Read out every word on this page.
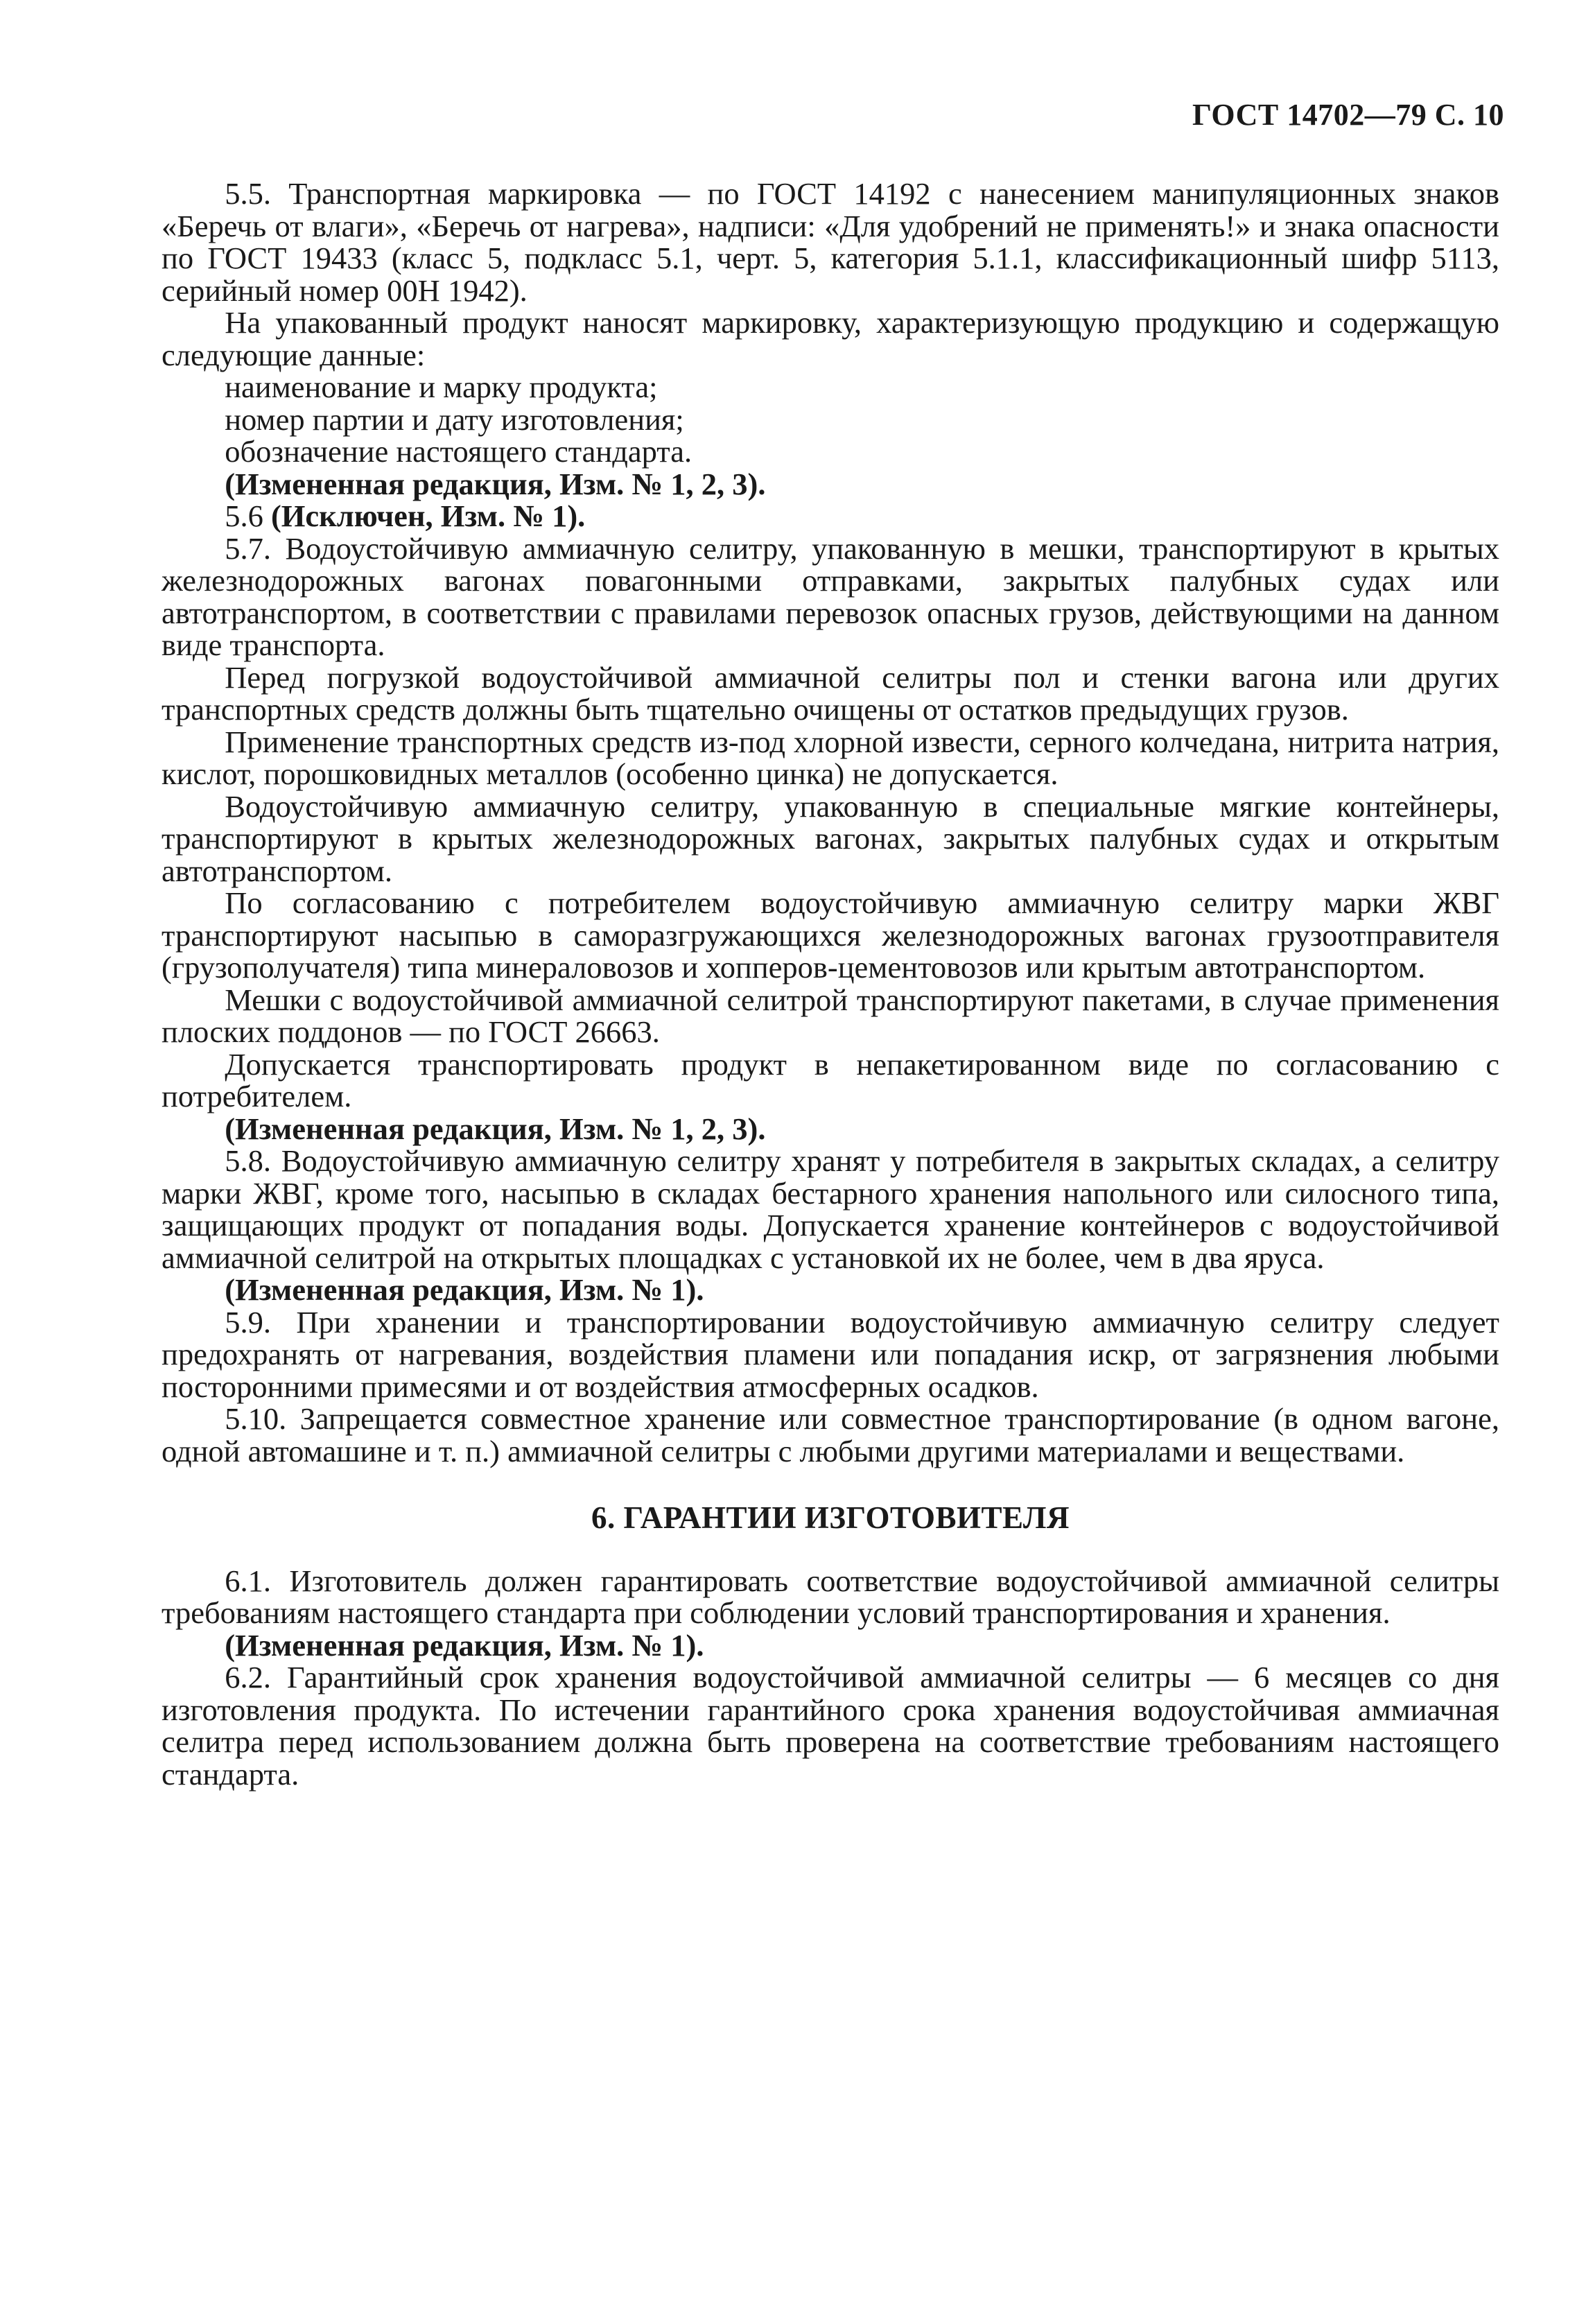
ГОСТ 14702—79 С. 10

5.5. Транспортная маркировка — по ГОСТ 14192 с нанесением манипуляционных знаков «Беречь от влаги», «Беречь от нагрева», надписи: «Для удобрений не применять!» и знака опасности по ГОСТ 19433 (класс 5, подкласс 5.1, черт. 5, категория 5.1.1, классификационный шифр 5113, серийный номер 00Н 1942).

На упакованный продукт наносят маркировку, характеризующую продукцию и содержащую следующие данные:

наименование и марку продукта;

номер партии и дату изготовления;

обозначение настоящего стандарта.

(Измененная редакция, Изм. № 1, 2, 3).

5.6 (Исключен, Изм. № 1).

5.7. Водоустойчивую аммиачную селитру, упакованную в мешки, транспортируют в крытых железнодорожных вагонах повагонными отправками, закрытых палубных судах или автотранспортом, в соответствии с правилами перевозок опасных грузов, действующими на данном виде транспорта.

Перед погрузкой водоустойчивой аммиачной селитры пол и стенки вагона или других транспортных средств должны быть тщательно очищены от остатков предыдущих грузов.

Применение транспортных средств из-под хлорной извести, серного колчедана, нитрита натрия, кислот, порошковидных металлов (особенно цинка) не допускается.

Водоустойчивую аммиачную селитру, упакованную в специальные мягкие контейнеры, транспортируют в крытых железнодорожных вагонах, закрытых палубных судах и открытым автотранспортом.

По согласованию с потребителем водоустойчивую аммиачную селитру марки ЖВГ транспортируют насыпью в саморазгружающихся железнодорожных вагонах грузоотправителя (грузополучателя) типа минераловозов и хопперов-цементовозов или крытым автотранспортом.

Мешки с водоустойчивой аммиачной селитрой транспортируют пакетами, в случае применения плоских поддонов — по ГОСТ 26663.

Допускается транспортировать продукт в непакетированном виде по согласованию с потребителем.

(Измененная редакция, Изм. № 1, 2, 3).

5.8. Водоустойчивую аммиачную селитру хранят у потребителя в закрытых складах, а селитру марки ЖВГ, кроме того, насыпью в складах бестарного хранения напольного или силосного типа, защищающих продукт от попадания воды. Допускается хранение контейнеров с водоустойчивой аммиачной селитрой на открытых площадках с установкой их не более, чем в два яруса.

(Измененная редакция, Изм. № 1).

5.9. При хранении и транспортировании водоустойчивую аммиачную селитру следует предохранять от нагревания, воздействия пламени или попадания искр, от загрязнения любыми посторонними примесями и от воздействия атмосферных осадков.

5.10. Запрещается совместное хранение или совместное транспортирование (в одном вагоне, одной автомашине и т. п.) аммиачной селитры с любыми другими материалами и веществами.

6. ГАРАНТИИ ИЗГОТОВИТЕЛЯ

6.1. Изготовитель должен гарантировать соответствие водоустойчивой аммиачной селитры требованиям настоящего стандарта при соблюдении условий транспортирования и хранения.

(Измененная редакция, Изм. № 1).

6.2. Гарантийный срок хранения водоустойчивой аммиачной селитры — 6 месяцев со дня изготовления продукта. По истечении гарантийного срока хранения водоустойчивая аммиачная селитра перед использованием должна быть проверена на соответствие требованиям настоящего стандарта.
